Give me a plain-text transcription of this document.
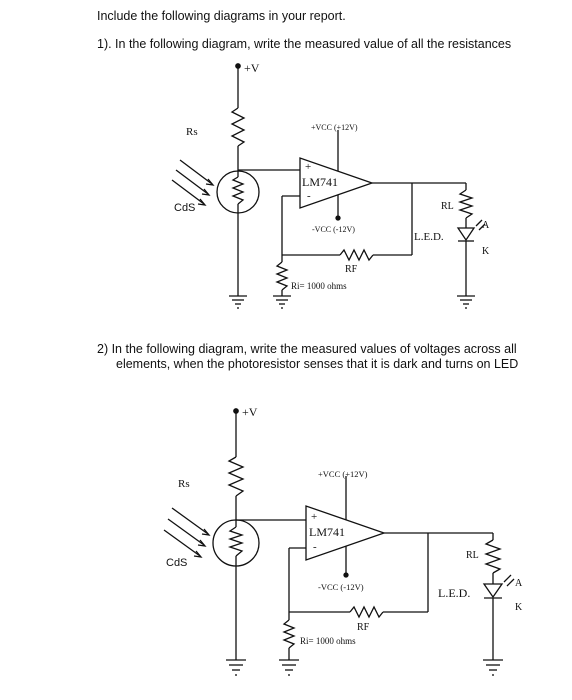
Include the following diagrams in your report.
1). In the following diagram, write the measured value of all the resistances
+V
Rs
CdS
+VCC (+12V)
+
LM741
-
-VCC (-12V)
RF
Ri= 1000 ohms
RL
L.E.D.
A
K
2) In the following diagram, write the measured values of voltages across all
elements, when the photoresistor senses that it is dark and turns on LED
+V
Rs
CdS
+VCC (+12V)
+
LM741
-
-VCC (-12V)
RF
Ri= 1000 ohms
RL
L.E.D.
A
K
